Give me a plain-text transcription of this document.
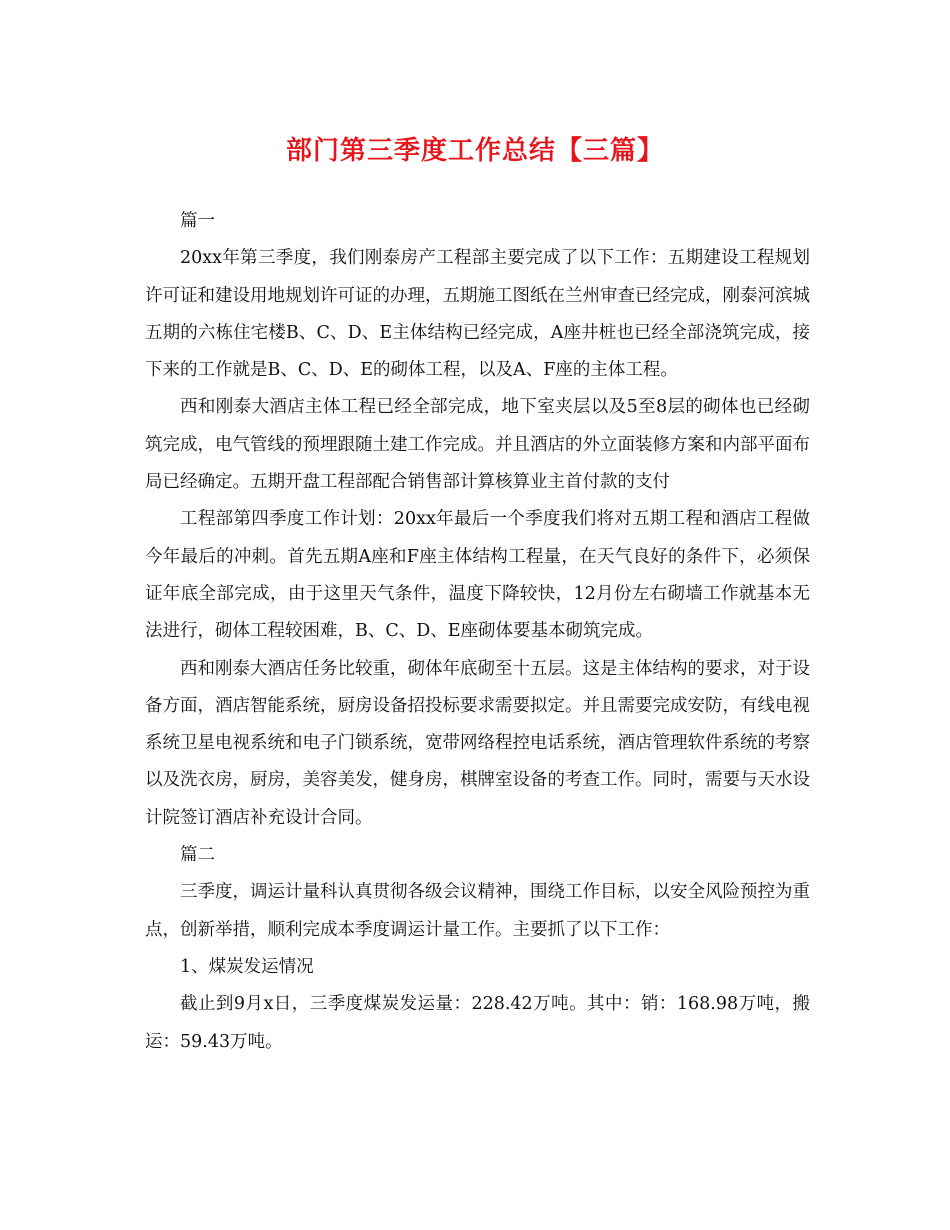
部门第三季度工作总结【三篇】

篇一

20xx年第三季度，我们刚泰房产工程部主要完成了以下工作：五期建设工程规划许可证和建设用地规划许可证的办理，五期施工图纸在兰州审查已经完成，刚泰河滨城五期的六栋住宅楼B、C、D、E主体结构已经完成，A座井桩也已经全部浇筑完成，接下来的工作就是B、C、D、E的砌体工程，以及A、F座的主体工程。

西和刚泰大酒店主体工程已经全部完成，地下室夹层以及5至8层的砌体也已经砌筑完成，电气管线的预埋跟随土建工作完成。并且酒店的外立面装修方案和内部平面布局已经确定。五期开盘工程部配合销售部计算核算业主首付款的支付

工程部第四季度工作计划：20xx年最后一个季度我们将对五期工程和酒店工程做今年最后的冲刺。首先五期A座和F座主体结构工程量，在天气良好的条件下，必须保证年底全部完成，由于这里天气条件，温度下降较快，12月份左右砌墙工作就基本无法进行，砌体工程较困难，B、C、D、E座砌体要基本砌筑完成。

西和刚泰大酒店任务比较重，砌体年底砌至十五层。这是主体结构的要求，对于设备方面，酒店智能系统，厨房设备招投标要求需要拟定。并且需要完成安防，有线电视系统卫星电视系统和电子门锁系统，宽带网络程控电话系统，酒店管理软件系统的考察以及洗衣房，厨房，美容美发，健身房，棋牌室设备的考查工作。同时，需要与天水设计院签订酒店补充设计合同。

篇二

三季度，调运计量科认真贯彻各级会议精神，围绕工作目标，以安全风险预控为重点，创新举措，顺利完成本季度调运计量工作。主要抓了以下工作：

1、煤炭发运情况

截止到9月x日，三季度煤炭发运量：228.42万吨。其中：销：168.98万吨，搬运：59.43万吨。
